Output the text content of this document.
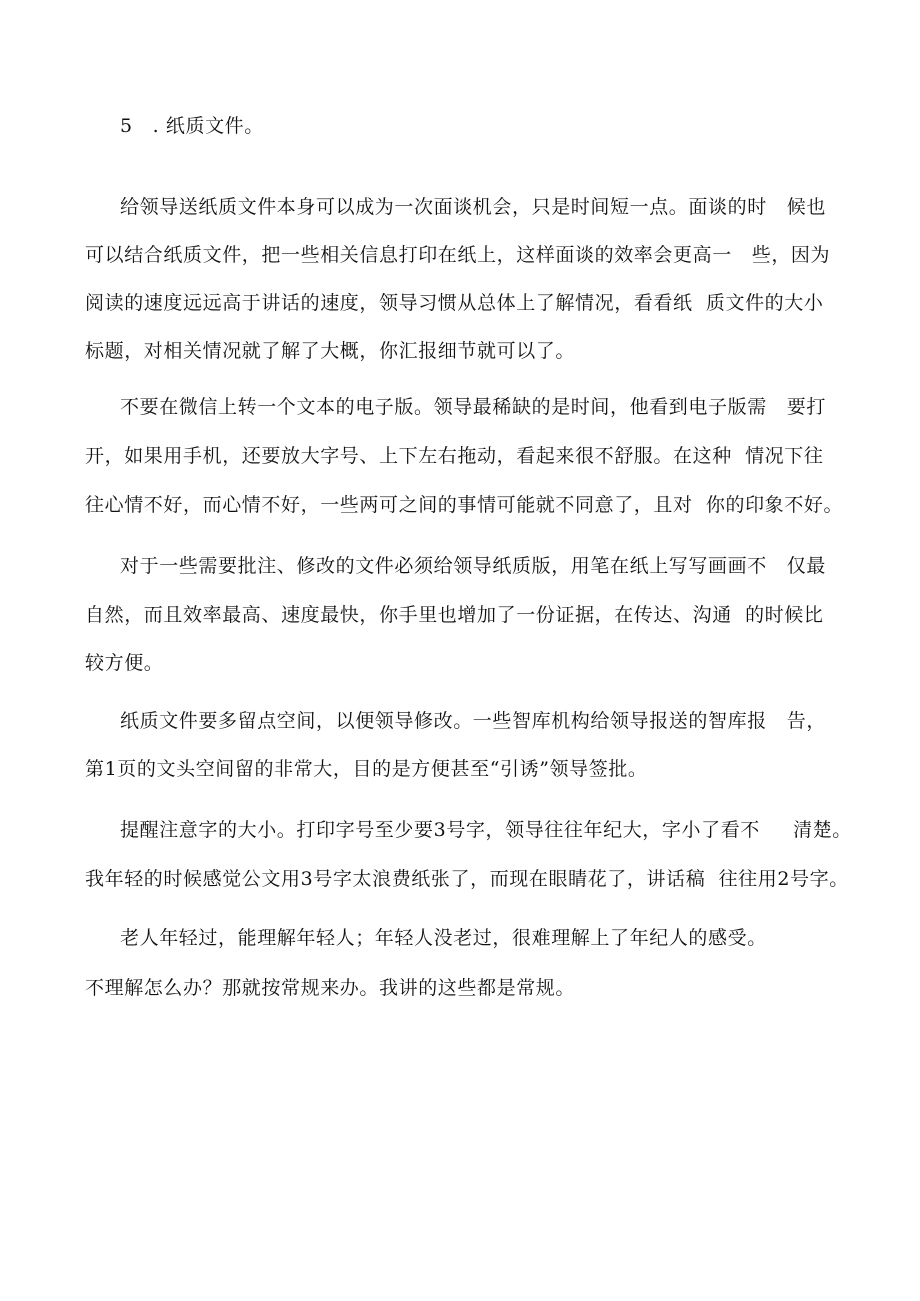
5   . 纸质文件。
给领导送纸质文件本身可以成为一次面谈机会，只是时间短一点。面谈的时   候也
可以结合纸质文件，把一些相关信息打印在纸上，这样面谈的效率会更高一   些，因为
阅读的速度远远高于讲话的速度，领导习惯从总体上了解情况，看看纸  质文件的大小
标题，对相关情况就了解了大概，你汇报细节就可以了。
不要在微信上转一个文本的电子版。领导最稀缺的是时间，他看到电子版需   要打
开，如果用手机，还要放大字号、上下左右拖动，看起来很不舒服。在这种  情况下往
往心情不好，而心情不好，一些两可之间的事情可能就不同意了，且对  你的印象不好。
对于一些需要批注、修改的文件必须给领导纸质版，用笔在纸上写写画画不   仅最
自然，而且效率最高、速度最快，你手里也增加了一份证据，在传达、沟通  的时候比
较方便。
纸质文件要多留点空间，以便领导修改。一些智库机构给领导报送的智库报   告，
第1页的文头空间留的非常大，目的是方便甚至“引诱”领导签批。
提醒注意字的大小。打印字号至少要3号字，领导往往年纪大，字小了看不     清楚。
我年轻的时候感觉公文用3号字太浪费纸张了，而现在眼睛花了，讲话稿  往往用2号字。
老人年轻过，能理解年轻人；年轻人没老过，很难理解上了年纪人的感受。
不理解怎么办？那就按常规来办。我讲的这些都是常规。
